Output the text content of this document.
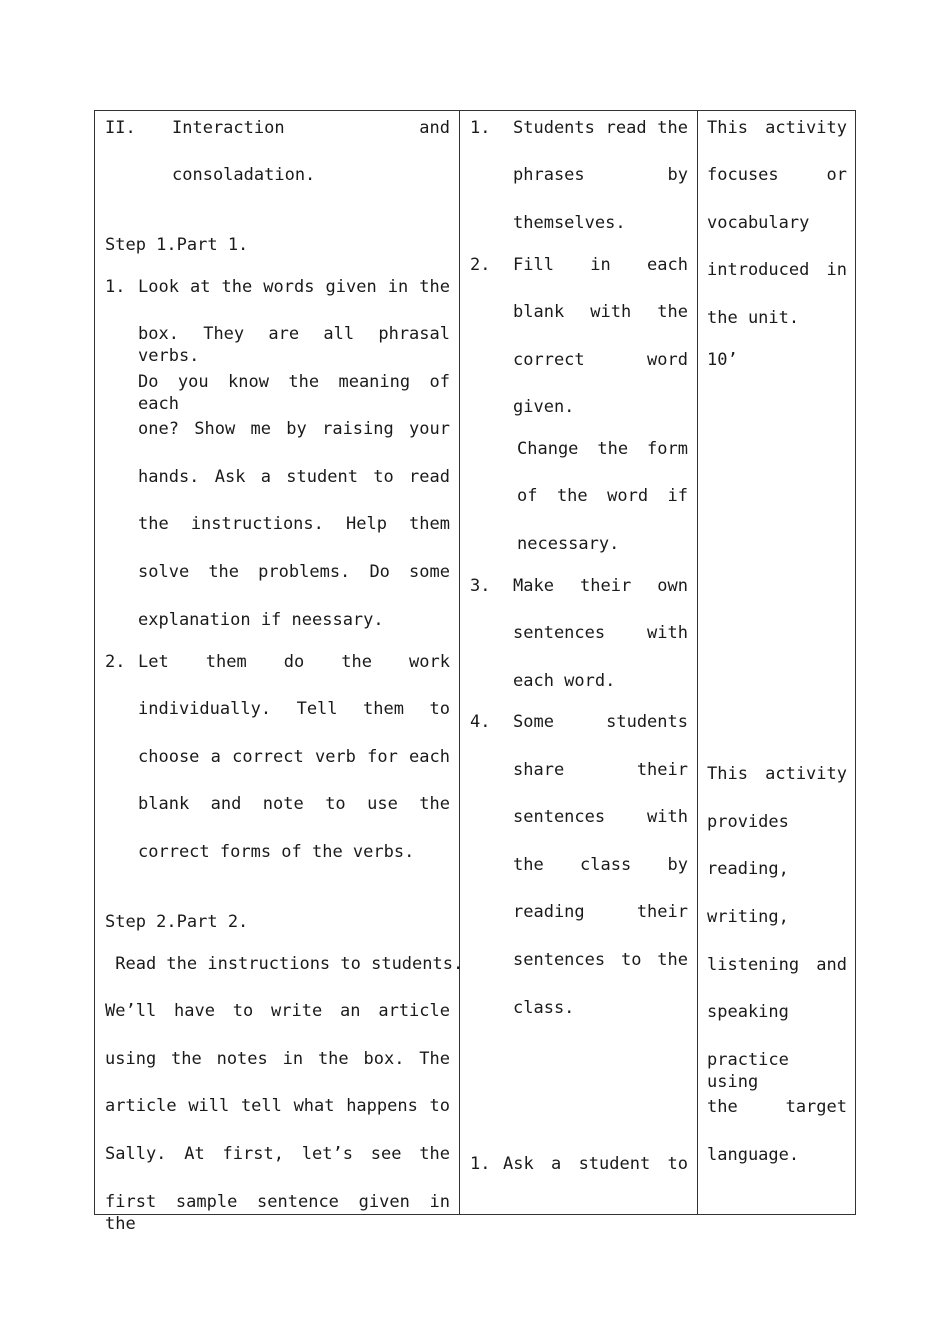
II. Interaction	and
consoladation.
Step 1.Part 1.
1. Look at the words given in the
box. They are all phrasal verbs.
Do you know the meaning of each
one? Show me by raising your
hands. Ask a student to read
the instructions. Help them
solve the problems. Do some
explanation if neessary.
2. Let them do the work
individually. Tell them to
choose a correct verb for each
blank and note to use the
correct forms of the verbs.
Step 2.Part 2.
Read the instructions to students.
We’ll have to write an article
using the notes in the box. The
article will tell what happens to
Sally. At first, let’s see the
first sample sentence given in the
1. Students read the
phrases by
themselves.
2. Fill in each
blank with the
correct word
given.
Change the form
of the word if
necessary.
3. Make their own
sentences with
each word.
4. Some students
share their
sentences with
the class by
reading their
sentences to the
class.
1. Ask a student to
This activity
focuses or
vocabulary
introduced in
the unit.
10’
This activity
provides
reading,
writing,
listening and
speaking
practice using
the target
language.
